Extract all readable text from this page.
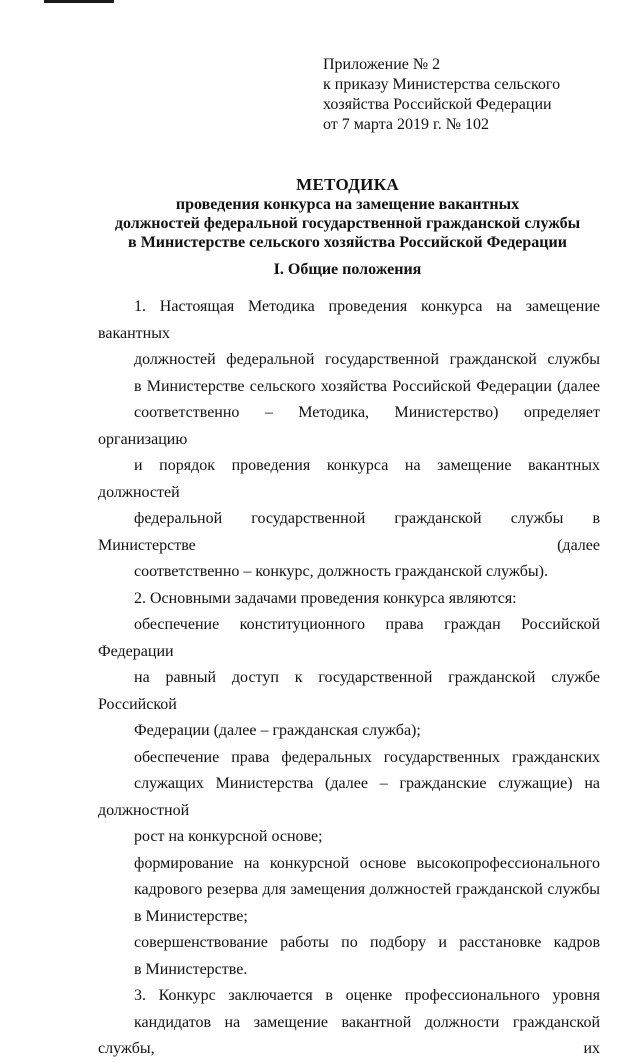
Приложение № 2
к приказу Министерства сельского
хозяйства Российской Федерации
от 7 марта 2019 г. № 102
МЕТОДИКА
проведения конкурса на замещение вакантных
должностей федеральной государственной гражданской службы
в Министерстве сельского хозяйства Российской Федерации
I. Общие положения
1. Настоящая Методика проведения конкурса на замещение вакантных
должностей федеральной государственной гражданской службы
в Министерстве сельского хозяйства Российской Федерации (далее
соответственно – Методика, Министерство) определяет организацию
и порядок проведения конкурса на замещение вакантных должностей
федеральной государственной гражданской службы в Министерстве (далее
соответственно – конкурс, должность гражданской службы).
2. Основными задачами проведения конкурса являются:
обеспечение конституционного права граждан Российской Федерации
на равный доступ к государственной гражданской службе Российской
Федерации (далее – гражданская служба);
обеспечение права федеральных государственных гражданских
служащих Министерства (далее – гражданские служащие) на должностной
рост на конкурсной основе;
формирование на конкурсной основе высокопрофессионального
кадрового резерва для замещения должностей гражданской службы
в Министерстве;
совершенствование работы по подбору и расстановке кадров
в Министерстве.
3. Конкурс заключается в оценке профессионального уровня
кандидатов на замещение вакантной должности гражданской службы, их
